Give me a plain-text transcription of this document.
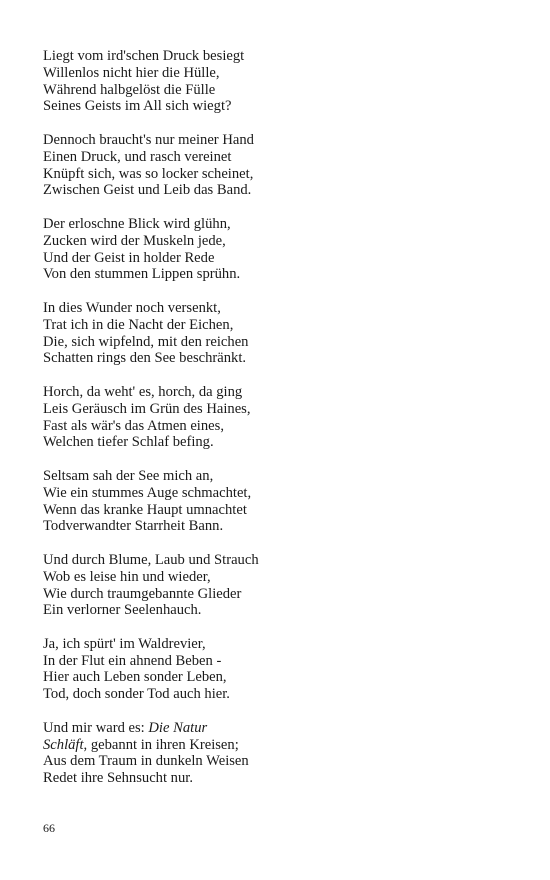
Liegt vom ird'schen Druck besiegt
Willenlos nicht hier die Hülle,
Während halbgelöst die Fülle
Seines Geists im All sich wiegt?
Dennoch braucht's nur meiner Hand
Einen Druck, und rasch vereinet
Knüpft sich, was so locker scheinet,
Zwischen Geist und Leib das Band.
Der erloschne Blick wird glühn,
Zucken wird der Muskeln jede,
Und der Geist in holder Rede
Von den stummen Lippen sprühn.
In dies Wunder noch versenkt,
Trat ich in die Nacht der Eichen,
Die, sich wipfelnd, mit den reichen
Schatten rings den See beschränkt.
Horch, da weht' es, horch, da ging
Leis Geräusch im Grün des Haines,
Fast als wär's das Atmen eines,
Welchen tiefer Schlaf befing.
Seltsam sah der See mich an,
Wie ein stummes Auge schmachtet,
Wenn das kranke Haupt umnachtet
Todverwandter Starrheit Bann.
Und durch Blume, Laub und Strauch
Wob es leise hin und wieder,
Wie durch traumgebannte Glieder
Ein verlorner Seelenhauch.
Ja, ich spürt' im Waldrevier,
In der Flut ein ahnend Beben -
Hier auch Leben sonder Leben,
Tod, doch sonder Tod auch hier.
Und mir ward es: Die Natur
Schläft, gebannt in ihren Kreisen;
Aus dem Traum in dunkeln Weisen
Redet ihre Sehnsucht nur.
66
